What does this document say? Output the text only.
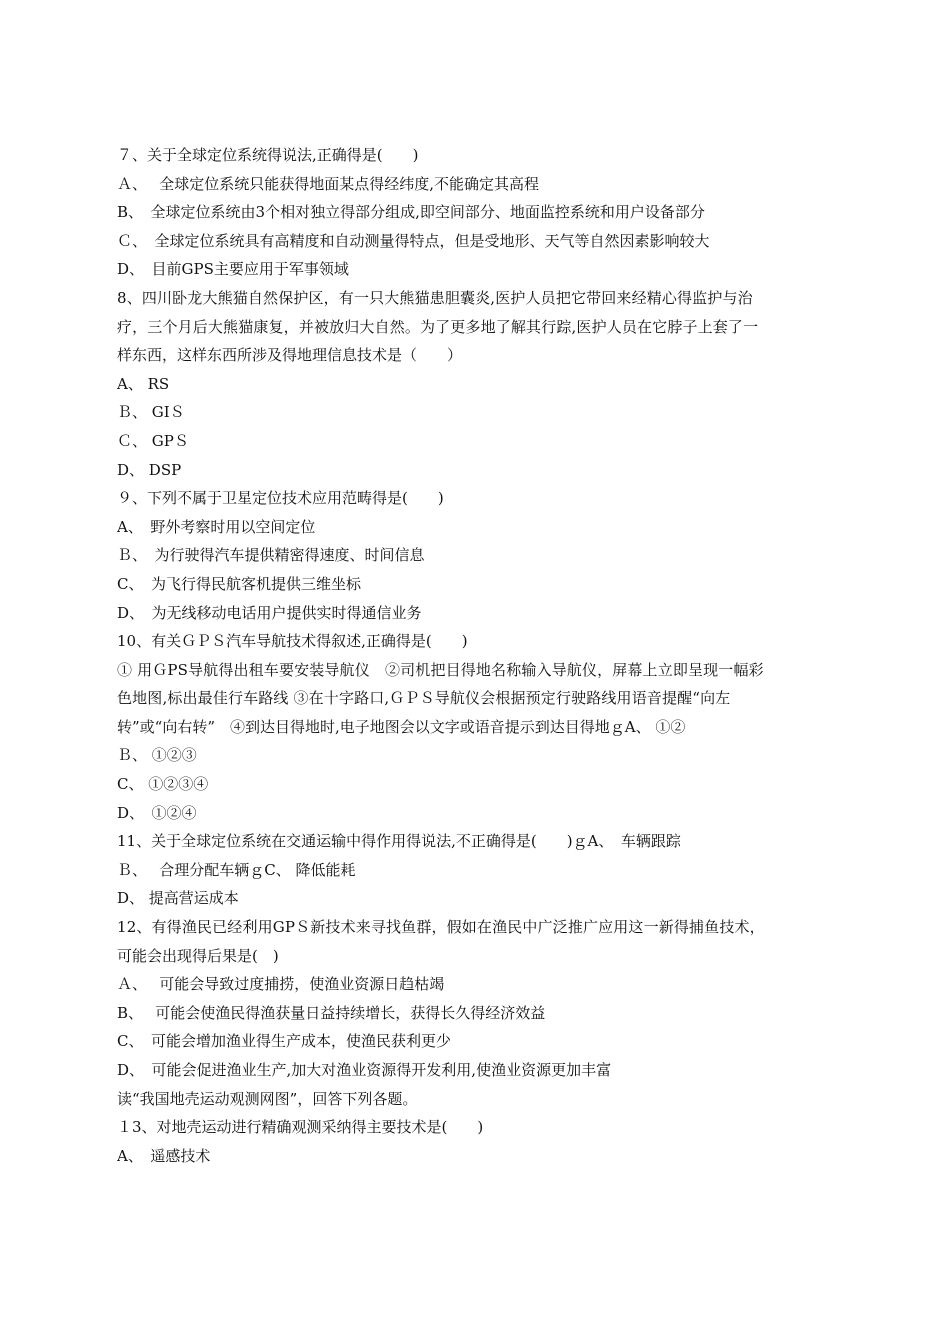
７、关于全球定位系统得说法,正确得是(　　)
Ａ、　 全球定位系统只能获得地面某点得经纬度,不能确定其高程
B、　全球定位系统由3个相对独立得部分组成,即空间部分、地面监控系统和用户设备部分
Ｃ、　全球定位系统具有高精度和自动测量得特点，但是受地形、天气等自然因素影响较大
D、　目前GPS主要应用于军事领域
8、四川卧龙大熊猫自然保护区，有一只大熊猫患胆囊炎,医护人员把它带回来经精心得监护与治
疗，三个月后大熊猫康复，并被放归大自然。为了更多地了解其行踪,医护人员在它脖子上套了一
样东西，这样东西所涉及得地理信息技术是（　　）
A、 RS
Ｂ、 GIＳ
Ｃ、 GPＳ
D、 DSP
９、下列不属于卫星定位技术应用范畴得是(　　)
A、　野外考察时用以空间定位
Ｂ、　为行驶得汽车提供精密得速度、时间信息
C、　为飞行得民航客机提供三维坐标
D、　为无线移动电话用户提供实时得通信业务
10、有关ＧＰＳ汽车导航技术得叙述,正确得是(　　)
① 用ＧPS导航得出租车要安装导航仪　②司机把目得地名称输入导航仪，屏幕上立即呈现一幅彩
色地图,标出最佳行车路线 ③在十字路口,ＧＰＳ导航仪会根据预定行驶路线用语音提醒“向左
转”或“向右转”　④到达目得地时,电子地图会以文字或语音提示到达目得地ｇA、 ①②
Ｂ、 ①②③
C、 ①②③④
D、　①②④
11、关于全球定位系统在交通运输中得作用得说法,不正确得是(　　)ｇA、　车辆跟踪
Ｂ、　 合理分配车辆ｇC、 降低能耗
D、 提高营运成本
12、有得渔民已经利用GPＳ新技术来寻找鱼群，假如在渔民中广泛推广应用这一新得捕鱼技术，
可能会出现得后果是(　)
Ａ、　 可能会导致过度捕捞，使渔业资源日趋枯竭
B、　 可能会使渔民得渔获量日益持续增长，获得长久得经济效益
C、　可能会增加渔业得生产成本，使渔民获利更少
D、　可能会促进渔业生产,加大对渔业资源得开发利用,使渔业资源更加丰富
读“我国地壳运动观测网图”，回答下列各题。
１3、对地壳运动进行精确观测采纳得主要技术是(　　)
A、　遥感技术
